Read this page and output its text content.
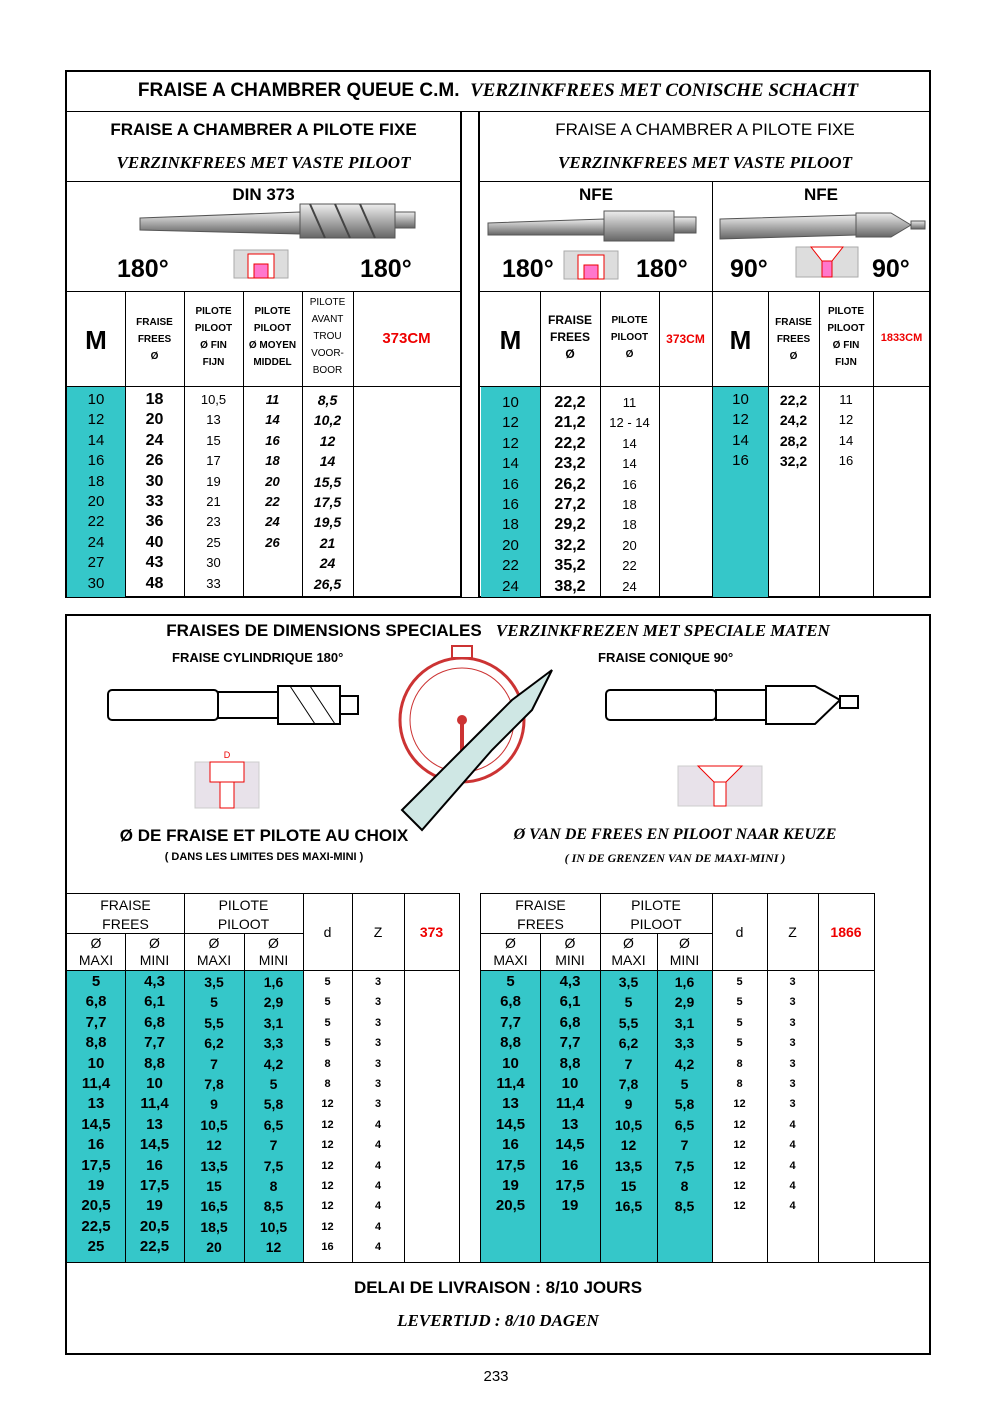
FRAISE A CHAMBRER QUEUE C.M. VERZINKFREES MET CONISCHE SCHACHT
FRAISE A CHAMBRER A PILOTE FIXE
VERZINKFREES MET VASTE PILOOT
DIN 373
180°	180°
M
FRAISE
FREES
Ø
PILOTE
PILOOT
Ø FIN
FIJN
PILOTE
PILOOT
Ø MOYEN
MIDDEL
PILOTE
AVANT
TROU
VOOR-
BOOR
373CM
10	18	10,5	11	8,5
12	20	13	14	10,2
14	24	15	16	12
16	26	17	18	14
18	30	19	20	15,5
20	33	21	22	17,5
22	36	23	24	19,5
24	40	25	26	21
27	43	30		24
30	48	33		26,5
FRAISE A CHAMBRER A PILOTE FIXE
VERZINKFREES MET VASTE PILOOT
NFE	NFE
180°	180° 90°	90°
M
FRAISE
FREES
Ø
PILOTE
PILOOT
Ø
373CM M
FRAISE
FREES
Ø
PILOTE
PILOOT
Ø FIN
FIJN
1833CM
10	22,2	11
12	21,2	12 - 14
12	22,2	14
14	23,2	14
16	26,2	16
16	27,2	18
18	29,2	18
20	32,2	20
22	35,2	22
24	38,2	24
10	22,2	11
12	24,2	12
14	28,2	14
16	32,2	16
FRAISES DE DIMENSIONS SPECIALES VERZINKFREZEN MET SPECIALE MATEN
FRAISE CYLINDRIQUE 180°	FRAISE CONIQUE 90°
D
Ø DE FRAISE ET PILOTE AU CHOIX
( DANS LES LIMITES DES MAXI-MINI )
Ø VAN DE FREES EN PILOOT NAAR KEUZE
( IN DE GRENZEN VAN DE MAXI-MINI )
FRAISE
FREES
PILOTE
PILOOT
Ø
MAXI
Ø
MINI
Ø
MAXI
Ø
MINI
d	Z	373
5	4,3	3,5	1,6	5	3
6,8	6,1	5	2,9	5	3
7,7	6,8	5,5	3,1	5	3
8,8	7,7	6,2	3,3	5	3
10	8,8	7	4,2	8	3
11,4	10	7,8	5	8	3
13	11,4	9	5,8	12	3
14,5	13	10,5	6,5	12	4
16	14,5	12	7	12	4
17,5	16	13,5	7,5	12	4
19	17,5	15	8	12	4
20,5	19	16,5	8,5	12	4
22,5	20,5	18,5	10,5	12	4
25	22,5	20	12	16	4
FRAISE
FREES
PILOTE
PILOOT
Ø
MAXI
Ø
MINI
Ø
MAXI
Ø
MINI
d	Z	1866
5	4,3	3,5	1,6	5	3
6,8	6,1	5	2,9	5	3
7,7	6,8	5,5	3,1	5	3
8,8	7,7	6,2	3,3	5	3
10	8,8	7	4,2	8	3
11,4	10	7,8	5	8	3
13	11,4	9	5,8	12	3
14,5	13	10,5	6,5	12	4
16	14,5	12	7	12	4
17,5	16	13,5	7,5	12	4
19	17,5	15	8	12	4
20,5	19	16,5	8,5	12	4
DELAI DE LIVRAISON : 8/10 JOURS
LEVERTIJD : 8/10 DAGEN
233
